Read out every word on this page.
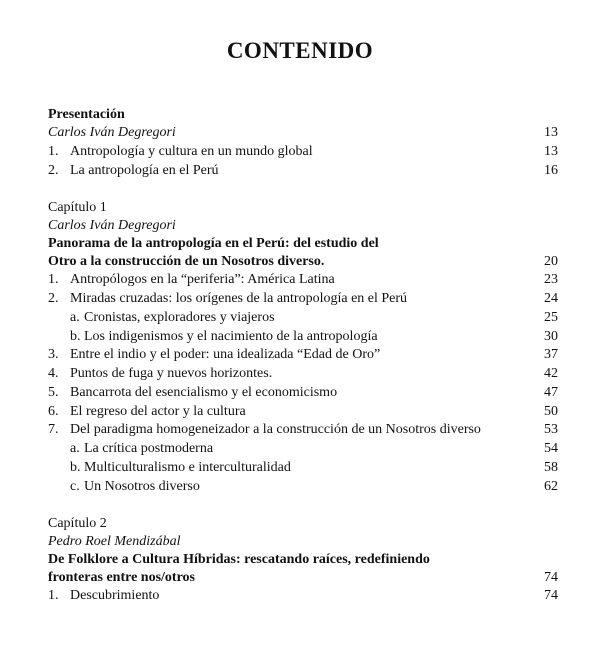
CONTENIDO
Presentación
Carlos Iván Degregori	13
1. Antropología y cultura en un mundo global	13
2. La antropología en el Perú	16
Capítulo 1
Carlos Iván Degregori
Panorama de la antropología en el Perú: del estudio del
Otro a la construcción de un Nosotros diverso.	20
1. Antropólogos en la “periferia”: América Latina	23
2. Miradas cruzadas: los orígenes de la antropología en el Perú	24
a. Cronistas, exploradores y viajeros	25
b. Los indigenismos y el nacimiento de la antropología	30
3. Entre el indio y el poder: una idealizada “Edad de Oro”	37
4. Puntos de fuga y nuevos horizontes.	42
5. Bancarrota del esencialismo y el economicismo	47
6. El regreso del actor y la cultura	50
7. Del paradigma homogeneizador a la construcción de un Nosotros diverso	53
a. La crítica postmoderna	54
b. Multiculturalismo e interculturalidad	58
c. Un Nosotros diverso	62
Capítulo 2
Pedro Roel Mendizábal
De Folklore a Cultura Híbridas: rescatando raíces, redefiniendo
fronteras entre nos/otros	74
1. Descubrimiento	74
